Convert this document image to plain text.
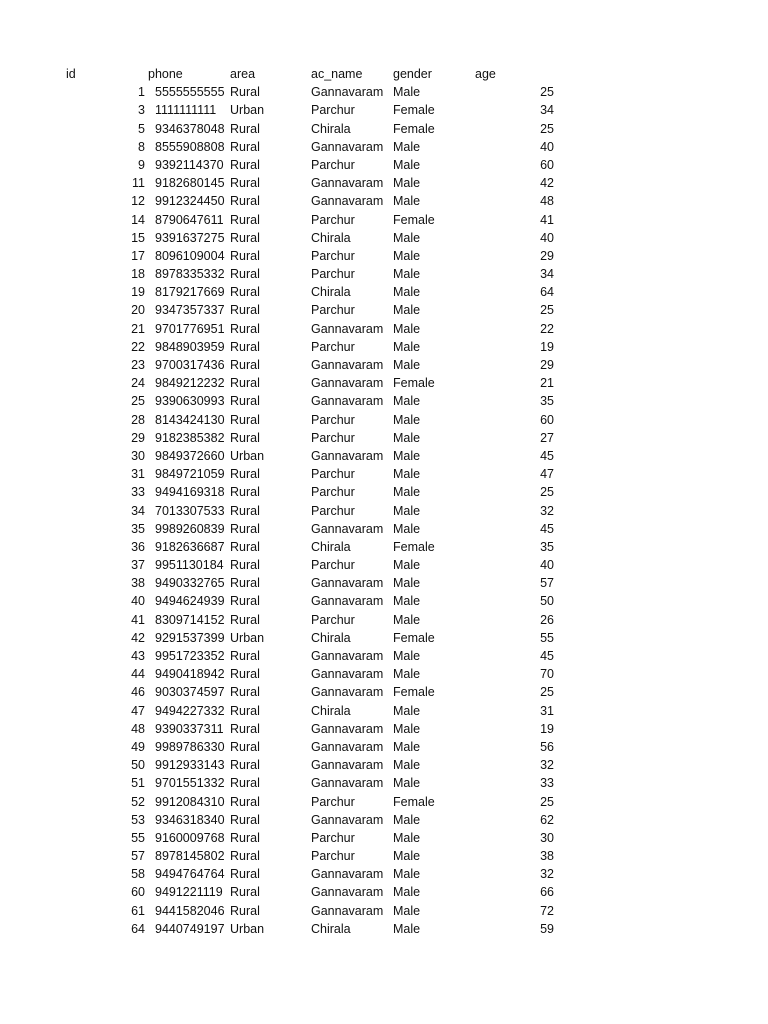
id	phone	area	ac_name gender	age
1 5555555555 Rural	Gannavaram Male	25
3 1111111111 Urban	Parchur	Female	34
5 9346378048 Rural	Chirala	Female	25
8 8555908808 Rural	Gannavaram Male	40
9 9392114370 Rural	Parchur	Male	60
11 9182680145 Rural	Gannavaram Male	42
12 9912324450 Rural	Gannavaram Male	48
14 8790647611 Rural	Parchur	Female	41
15 9391637275 Rural	Chirala	Male	40
17 8096109004 Rural	Parchur	Male	29
18 8978335332 Rural	Parchur	Male	34
19 8179217669 Rural	Chirala	Male	64
20 9347357337 Rural	Parchur	Male	25
21 9701776951 Rural	Gannavaram Male	22
22 9848903959 Rural	Parchur	Male	19
23 9700317436 Rural	Gannavaram Male	29
24 9849212232 Rural	Gannavaram Female	21
25 9390630993 Rural	Gannavaram Male	35
28 8143424130 Rural	Parchur	Male	60
29 9182385382 Rural	Parchur	Male	27
30 9849372660 Urban	Gannavaram Male	45
31 9849721059 Rural	Parchur	Male	47
33 9494169318 Rural	Parchur	Male	25
34 7013307533 Rural	Parchur	Male	32
35 9989260839 Rural	Gannavaram Male	45
36 9182636687 Rural	Chirala	Female	35
37 9951130184 Rural	Parchur	Male	40
38 9490332765 Rural	Gannavaram Male	57
40 9494624939 Rural	Gannavaram Male	50
41 8309714152 Rural	Parchur	Male	26
42 9291537399 Urban	Chirala	Female	55
43 9951723352 Rural	Gannavaram Male	45
44 9490418942 Rural	Gannavaram Male	70
46 9030374597 Rural	Gannavaram Female	25
47 9494227332 Rural	Chirala	Male	31
48 9390337311 Rural	Gannavaram Male	19
49 9989786330 Rural	Gannavaram Male	56
50 9912933143 Rural	Gannavaram Male	32
51 9701551332 Rural	Gannavaram Male	33
52 9912084310 Rural	Parchur	Female	25
53 9346318340 Rural	Gannavaram Male	62
55 9160009768 Rural	Parchur	Male	30
57 8978145802 Rural	Parchur	Male	38
58 9494764764 Rural	Gannavaram Male	32
60 9491221119 Rural	Gannavaram Male	66
61 9441582046 Rural	Gannavaram Male	72
64 9440749197 Urban	Chirala	Male	59
